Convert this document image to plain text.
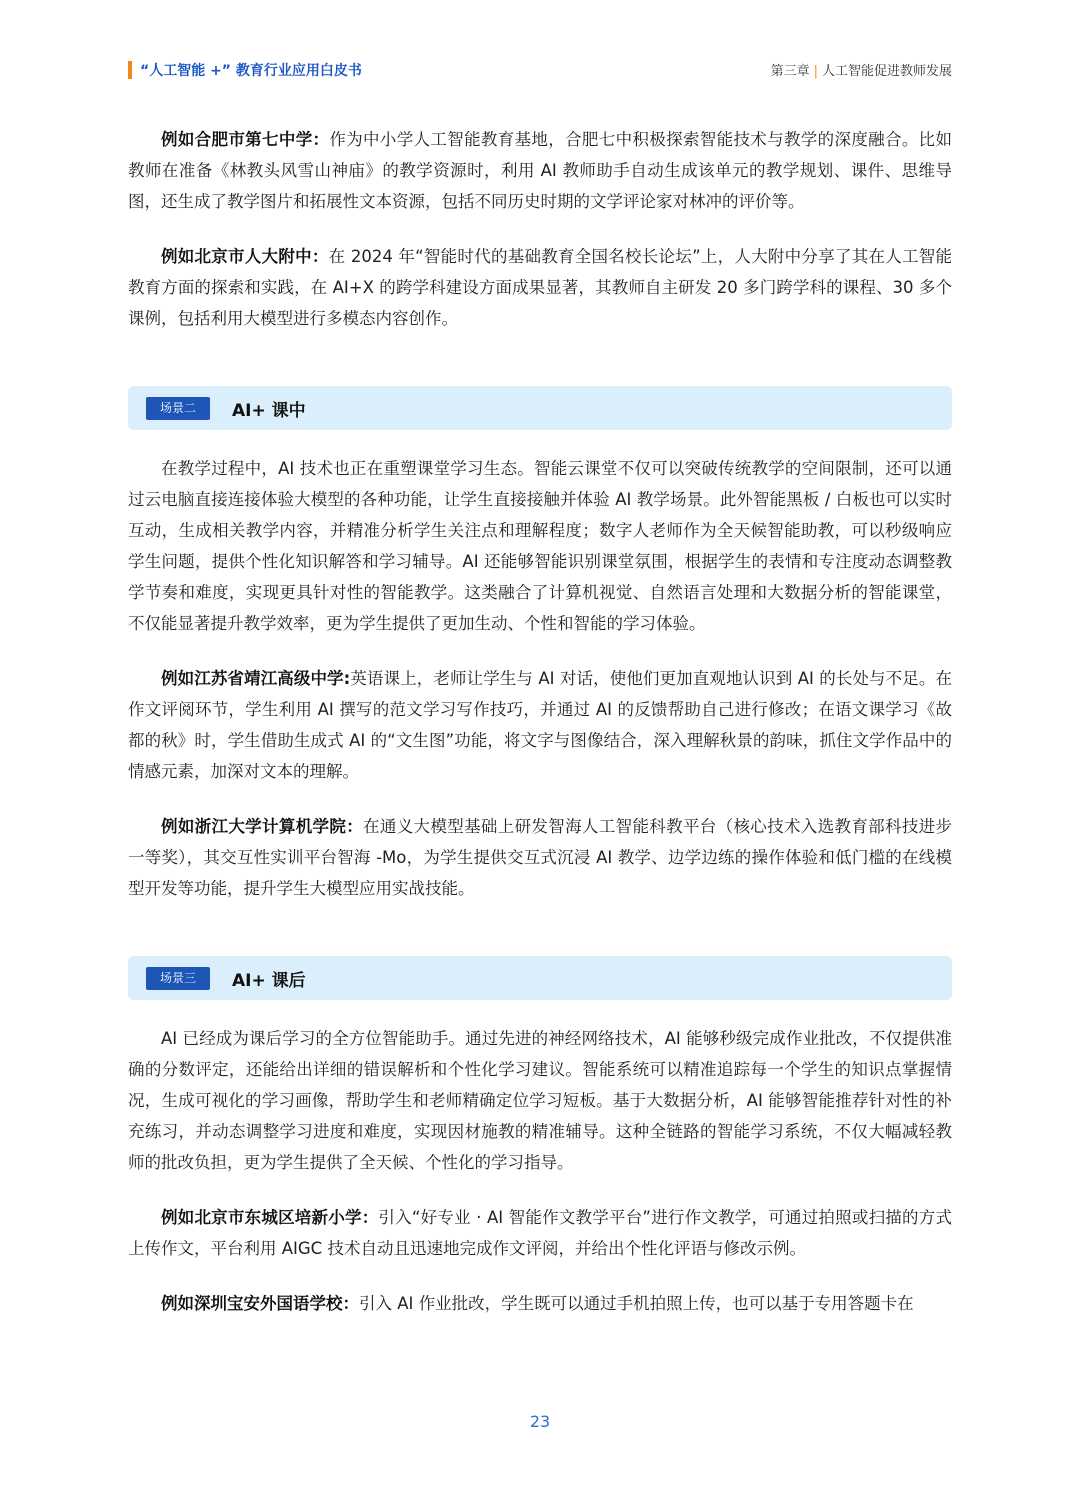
“人工智能 +” 教育行业应用白皮书	第三章 | 人工智能促进教师发展

例如合肥市第七中学：作为中小学人工智能教育基地，合肥七中积极探索智能技术与教学的深度融合。比如教师在准备《林教头风雪山神庙》的教学资源时，利用 AI 教师助手自动生成该单元的教学规划、课件、思维导图，还生成了教学图片和拓展性文本资源，包括不同历史时期的文学评论家对林冲的评价等。

例如北京市人大附中：在 2024 年“智能时代的基础教育全国名校长论坛”上，人大附中分享了其在人工智能教育方面的探索和实践，在 AI+X 的跨学科建设方面成果显著，其教师自主研发 20 多门跨学科的课程、30 多个课例，包括利用大模型进行多模态内容创作。

场景二	AI+ 课中

在教学过程中，AI 技术也正在重塑课堂学习生态。智能云课堂不仅可以突破传统教学的空间限制，还可以通过云电脑直接连接体验大模型的各种功能，让学生直接接触并体验 AI 教学场景。此外智能黑板 / 白板也可以实时互动，生成相关教学内容，并精准分析学生关注点和理解程度；数字人老师作为全天候智能助教，可以秒级响应学生问题，提供个性化知识解答和学习辅导。AI 还能够智能识别课堂氛围，根据学生的表情和专注度动态调整教学节奏和难度，实现更具针对性的智能教学。这类融合了计算机视觉、自然语言处理和大数据分析的智能课堂，不仅能显著提升教学效率，更为学生提供了更加生动、个性和智能的学习体验。

例如江苏省靖江高级中学:英语课上，老师让学生与 AI 对话，使他们更加直观地认识到 AI 的长处与不足。在作文评阅环节，学生利用 AI 撰写的范文学习写作技巧，并通过 AI 的反馈帮助自己进行修改；在语文课学习《故都的秋》时，学生借助生成式 AI 的“文生图”功能，将文字与图像结合，深入理解秋景的韵味，抓住文学作品中的情感元素，加深对文本的理解。

例如浙江大学计算机学院：在通义大模型基础上研发智海人工智能科教平台（核心技术入选教育部科技进步一等奖），其交互性实训平台智海 -Mo，为学生提供交互式沉浸 AI 教学、边学边练的操作体验和低门槛的在线模型开发等功能，提升学生大模型应用实战技能。

场景三	AI+ 课后

AI 已经成为课后学习的全方位智能助手。通过先进的神经网络技术，AI 能够秒级完成作业批改，不仅提供准确的分数评定，还能给出详细的错误解析和个性化学习建议。智能系统可以精准追踪每一个学生的知识点掌握情况，生成可视化的学习画像，帮助学生和老师精确定位学习短板。基于大数据分析，AI 能够智能推荐针对性的补充练习，并动态调整学习进度和难度，实现因材施教的精准辅导。这种全链路的智能学习系统，不仅大幅减轻教师的批改负担，更为学生提供了全天候、个性化的学习指导。

例如北京市东城区培新小学：引入“好专业 · AI 智能作文教学平台”进行作文教学，可通过拍照或扫描的方式上传作文，平台利用 AIGC 技术自动且迅速地完成作文评阅，并给出个性化评语与修改示例。

例如深圳宝安外国语学校：引入 AI 作业批改，学生既可以通过手机拍照上传，也可以基于专用答题卡在

23
